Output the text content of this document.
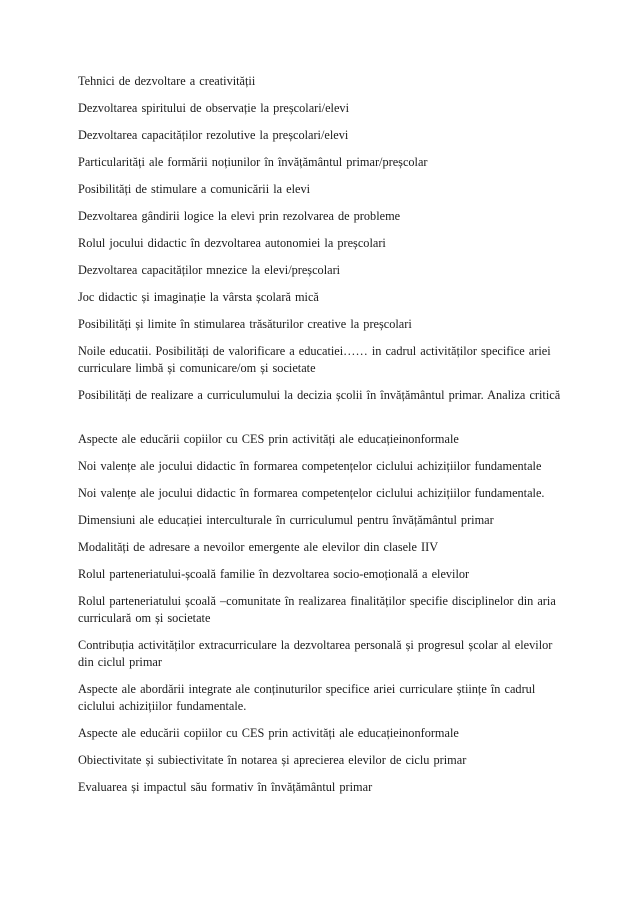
Tehnici de dezvoltare a creativității
Dezvoltarea spiritului de observație la preșcolari/elevi
Dezvoltarea capacităților rezolutive la preșcolari/elevi
Particularități ale formării noțiunilor în învățământul primar/preșcolar
Posibilități de stimulare a comunicării la elevi
Dezvoltarea gândirii logice la elevi prin rezolvarea de probleme
Rolul jocului didactic în dezvoltarea autonomiei la preșcolari
Dezvoltarea capacităților mnezice la elevi/preșcolari
Joc didactic și imaginație la vârsta școlară mică
Posibilități și limite în stimularea trăsăturilor creative la preșcolari
Noile educatii. Posibilități de valorificare a educatiei…… in cadrul activităților specifice ariei curriculare limbă și comunicare/om și societate
Posibilități de realizare a curriculumului la decizia școlii în învățământul primar. Analiza critică
Aspecte ale educării copiilor cu CES prin activități ale educațieinonformale
Noi valențe ale jocului didactic în formarea competențelor ciclului achizițiilor fundamentale
Noi valențe ale jocului didactic în formarea competențelor ciclului achizițiilor fundamentale.
Dimensiuni ale educației interculturale în curriculumul pentru învățământul primar
Modalități de adresare a nevoilor emergente ale elevilor din clasele IIV
Rolul parteneriatului-școală familie în dezvoltarea socio-emoțională a elevilor
Rolul parteneriatului școală –comunitate în realizarea finalităților specifie disciplinelor din aria curriculară om și societate
Contribuția activităților extracurriculare la dezvoltarea personală și progresul școlar al elevilor din ciclul primar
Aspecte ale abordării integrate ale conținuturilor specifice ariei curriculare științe în cadrul ciclului achizițiilor fundamentale.
Aspecte ale educării copiilor cu CES prin activități ale educațieinonformale
Obiectivitate și subiectivitate în notarea și aprecierea elevilor de ciclu primar
Evaluarea și impactul său formativ în învățământul primar
